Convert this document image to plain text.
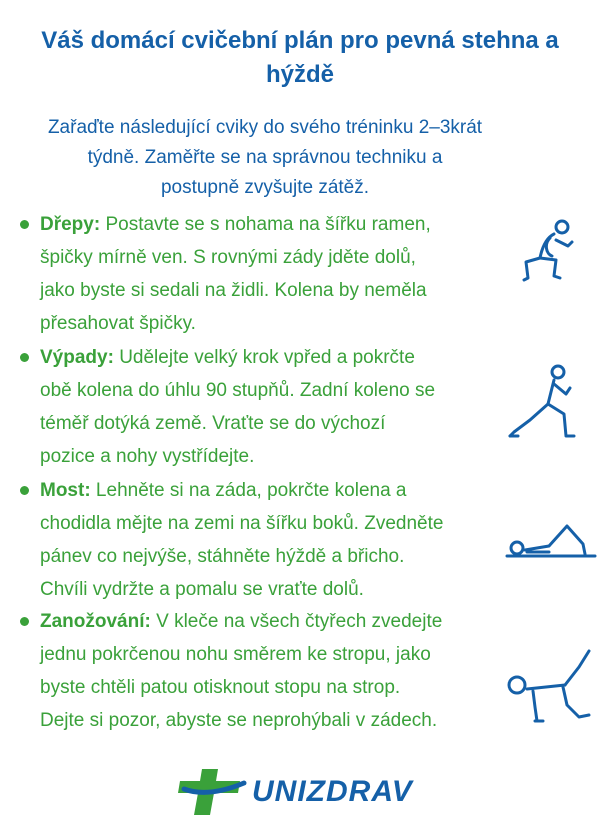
Váš domácí cvičební plán pro pevná stehna a
hýždě
Zařaďte následující cviky do svého tréninku 2–3krát
týdně. Zaměřte se na správnou techniku a
postupně zvyšujte zátěž.
Dřepy: Postavte se s nohama na šířku ramen,
špičky mírně ven. S rovnými zády jděte dolů,
jako byste si sedali na židli. Kolena by neměla
přesahovat špičky.
Výpady: Udělejte velký krok vpřed a pokrčte
obě kolena do úhlu 90 stupňů. Zadní koleno se
téměř dotýká země. Vraťte se do výchozí
pozice a nohy vystřídejte.
Most: Lehněte si na záda, pokrčte kolena a
chodidla mějte na zemi na šířku boků. Zvedněte
pánev co nejvýše, stáhněte hýždě a břicho.
Chvíli vydržte a pomalu se vraťte dolů.
Zanožování: V kleče na všech čtyřech zvedejte
jednu pokrčenou nohu směrem ke stropu, jako
byste chtěli patou otisknout stopu na strop.
Dejte si pozor, abyste se neprohýbali v zádech.
UNIZDRAV
